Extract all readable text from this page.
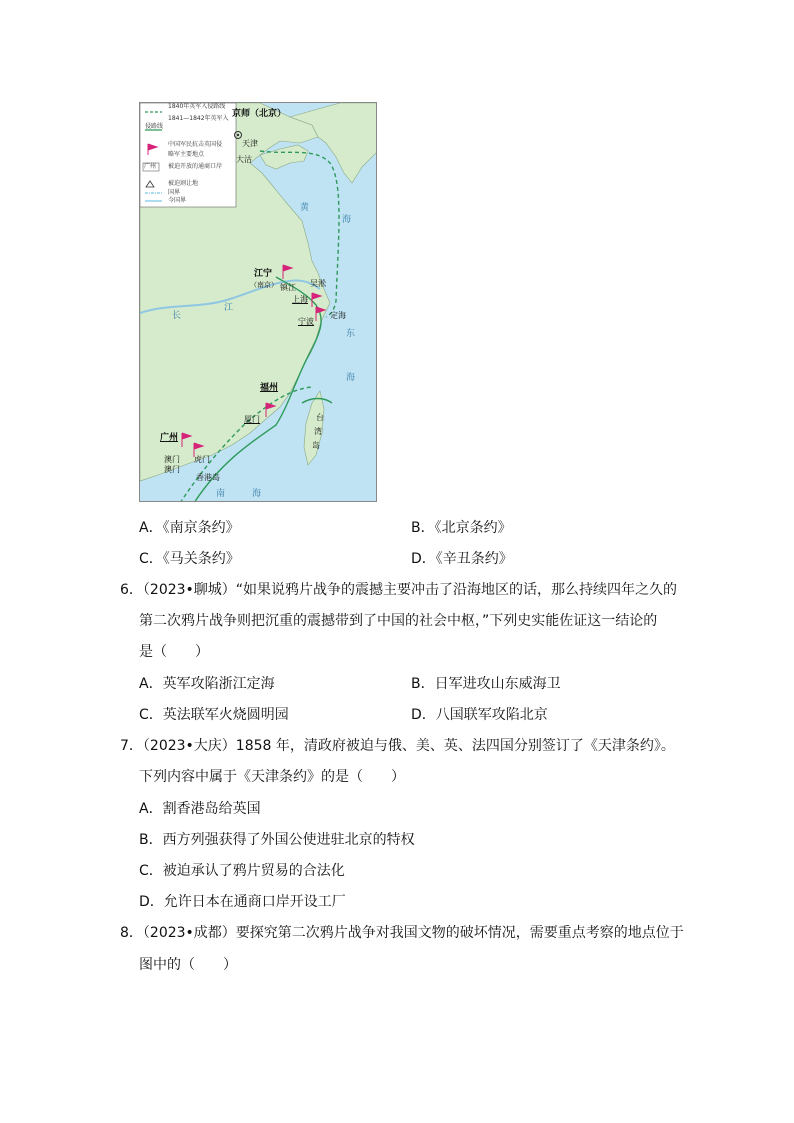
1840年英军入侵路线
1841—1842年英军入
侵路线
中国军民抗击英国侵
略军主要地点
广州 被迫开放的通商口岸
被迫割让地
国界
今国界
京师（北京）
天津
大沽
黄
海
江宁
（南京） 镇江 吴淞
上海
宁波
定海
长
江
东
海
福州
厦门	台
湾
岛
广州
虎门
澳门
澳门
香港岛
南	海
A．《南京条约》	B．《北京条约》
C．《马关条约》	D．《辛丑条约》
6．（2023•聊城）“如果说鸦片战争的震撼主要冲击了沿海地区的话，那么持续四年之久的
第二次鸦片战争则把沉重的震撼带到了中国的社会中枢，”下列史实能佐证这一结论的
是（　　）
A．英军攻陷浙江定海	B．日军进攻山东威海卫
C．英法联军火烧圆明园	D．八国联军攻陷北京
7．（2023•大庆）1858 年，清政府被迫与俄、美、英、法四国分别签订了《天津条约》。
下列内容中属于《天津条约》的是（　　）
A．割香港岛给英国
B．西方列强获得了外国公使进驻北京的特权
C．被迫承认了鸦片贸易的合法化
D．允许日本在通商口岸开设工厂
8．（2023•成都）要探究第二次鸦片战争对我国文物的破坏情况，需要重点考察的地点位于
图中的（　　）
